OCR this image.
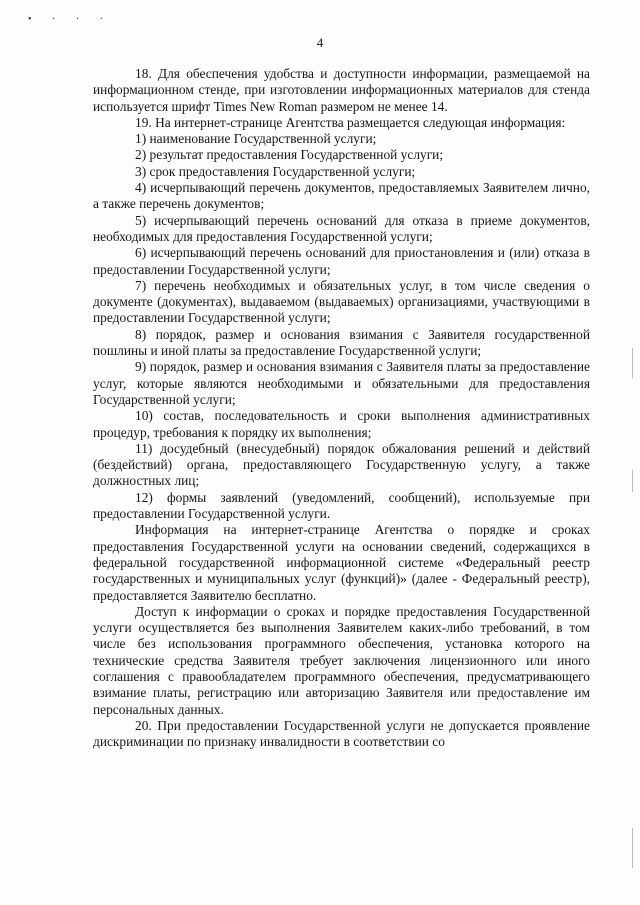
• · · ·
4

18. Для обеспечения удобства и доступности информации, размещаемой на информационном стенде, при изготовлении информационных материалов для стенда используется шрифт Times New Roman размером не менее 14.

19. На интернет-странице Агентства размещается следующая информация:

1) наименование Государственной услуги;

2) результат предоставления Государственной услуги;

3) срок предоставления Государственной услуги;

4) исчерпывающий перечень документов, предоставляемых Заявителем лично, а также перечень документов;

5) исчерпывающий перечень оснований для отказа в приеме документов, необходимых для предоставления Государственной услуги;

6) исчерпывающий перечень оснований для приостановления и (или) отказа в предоставлении Государственной услуги;

7) перечень необходимых и обязательных услуг, в том числе сведения о документе (документах), выдаваемом (выдаваемых) организациями, участвующими в предоставлении Государственной услуги;

8) порядок, размер и основания взимания с Заявителя государственной пошлины и иной платы за предоставление Государственной услуги;

9) порядок, размер и основания взимания с Заявителя платы за предоставление услуг, которые являются необходимыми и обязательными для предоставления Государственной услуги;

10) состав, последовательность и сроки выполнения административных процедур, требования к порядку их выполнения;

11) досудебный (внесудебный) порядок обжалования решений и действий (бездействий) органа, предоставляющего Государственную услугу, а также должностных лиц;

12) формы заявлений (уведомлений, сообщений), используемые при предоставлении Государственной услуги.

Информация на интернет-странице Агентства о порядке и сроках предоставления Государственной услуги на основании сведений, содержащихся в федеральной государственной информационной системе «Федеральный реестр государственных и муниципальных услуг (функций)» (далее - Федеральный реестр), предоставляется Заявителю бесплатно.

Доступ к информации о сроках и порядке предоставления Государственной услуги осуществляется без выполнения Заявителем каких-либо требований, в том числе без использования программного обеспечения, установка которого на технические средства Заявителя требует заключения лицензионного или иного соглашения с правообладателем программного обеспечения, предусматривающего взимание платы, регистрацию или авторизацию Заявителя или предоставление им персональных данных.

20. При предоставлении Государственной услуги не допускается проявление дискриминации по признаку инвалидности в соответствии со
